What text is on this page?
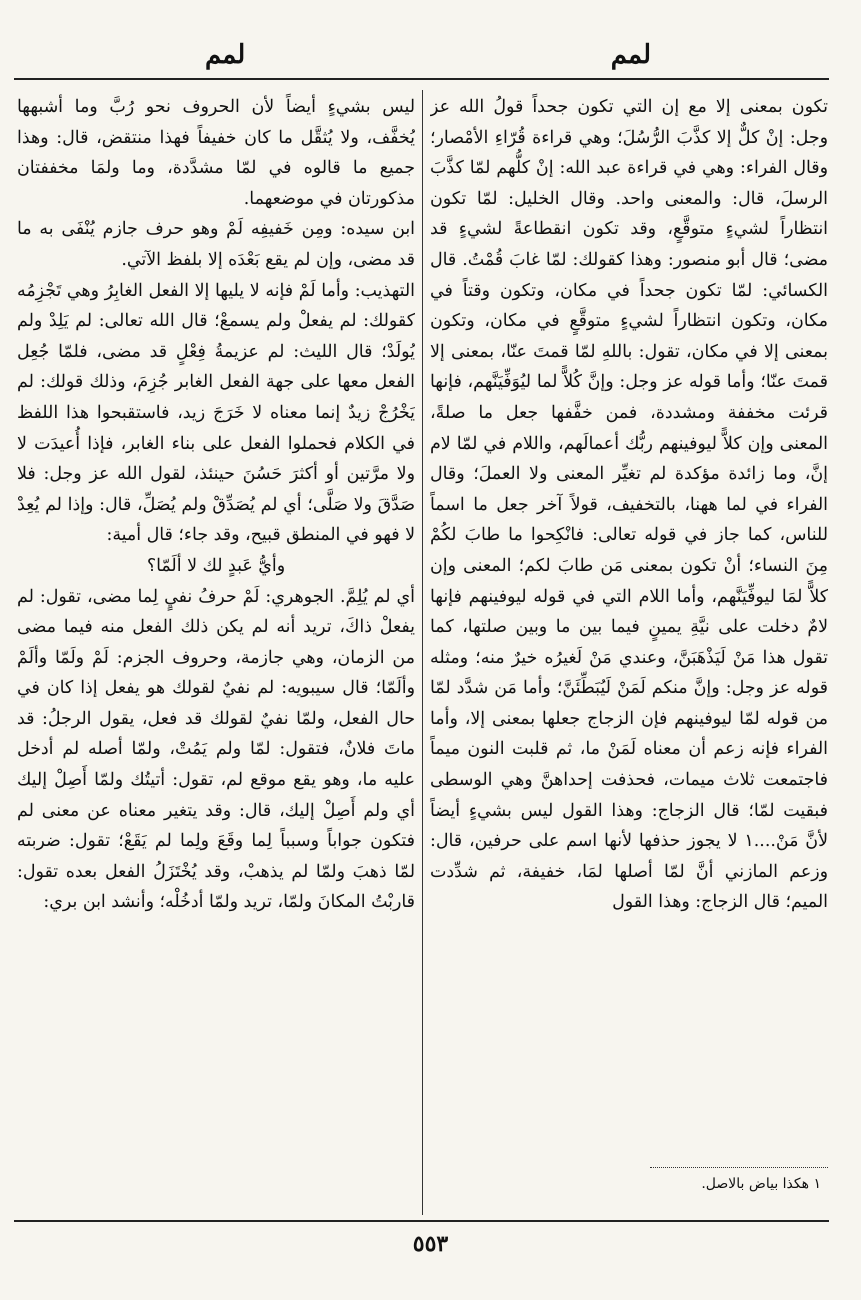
لمم
لمم

تكون بمعنى إلا مع إن التي تكون جحداً قولُ الله عز وجل: إنْ كلٌّ إلا كذَّبَ الرُّسُلَ؛ وهي قراءة قُرّاءِ الأمْصار؛ وقال الفراء: وهي في قراءة عبد الله: إنْ كلُّهم لمّا كذَّبَ الرسلَ، قال: والمعنى واحد. وقال الخليل: لمّا تكون انتظاراً لشيءٍ متوقَّعٍ، وقد تكون انقطاعةً لشيءٍ قد مضى؛ قال أبو منصور: وهذا كقولك: لمّا غابَ قُمْتُ. قال الكسائي: لمّا تكون جحداً في مكان، وتكون وقتاً في مكان، وتكون انتظاراً لشيءٍ متوقَّعٍ في مكان، وتكون بمعنى إلا في مكان، تقول: باللهِ لمّا قمتَ عنّا، بمعنى إلا قمتَ عنّا؛ وأما قوله عز وجل: وإنَّ كُلاًّ لما ليُوَفِّيَنَّهم، فإنها قرئت مخففة ومشددة، فمن خفَّفها جعل ما صلةً، المعنى وإن كلاًّ ليوفينهم ربُّك أعمالَهم، واللام في لمّا لام إنَّ، وما زائدة مؤكدة لم تغيِّر المعنى ولا العملَ؛ وقال الفراء في لما ههنا، بالتخفيف، قولاً آخر جعل ما اسماً للناس، كما جاز في قوله تعالى: فانْكِحوا ما طابَ لكُمْ مِنَ النساء؛ أنْ تكون بمعنى مَن طابَ لكم؛ المعنى وإن كلاًّ لمَا ليوفِّيَنَّهم، وأما اللام التي في قوله ليوفينهم فإنها لامٌ دخلت على نيَّةِ يمينٍ فيما بين ما وبين صلتها، كما تقول هذا مَنْ لَيَذْهَبَنَّ، وعندي مَنْ لَغيرُه خيرٌ منه؛ ومثله قوله عز وجل: وإنَّ منكم لَمَنْ لَيُبَطِّئَنَّ؛ وأما مَن شدَّد لمّا من قوله لمّا ليوفينهم فإن الزجاج جعلها بمعنى إلا، وأما الفراء فإنه زعم أن معناه لَمَنْ ما، ثم قلبت النون ميماً فاجتمعت ثلاث ميمات، فحذفت إحداهنَّ وهي الوسطى فبقيت لمّا؛ قال الزجاج: وهذا القول ليس بشيءٍ أيضاً لأنَّ مَنْ....١ لا يجوز حذفها لأنها اسم على حرفين، قال: وزعم المازني أنَّ لمّا أصلها لمَا، خفيفة، ثم شدِّدت الميم؛ قال الزجاج: وهذا القول

ليس بشيءٍ أيضاً لأن الحروف نحو رُبَّ وما أشبهها يُخفَّف، ولا يُثقَّل ما كان خفيفاً فهذا منتقض، قال: وهذا جميع ما قالوه في لمّا مشدَّدة، وما ولمَا مخففتان مذكورتان في موضعهما.

ابن سيده: ومِن خَفيفِه لَمْ وهو حرف جازم يُنْفَى به ما قد مضى، وإن لم يقع بَعْدَه إلا بلفظ الآتي.

التهذيب: وأما لَمْ فإنه لا يليها إلا الفعل الغابِرُ وهي تَجْزِمُه كقولك: لم يفعلْ ولم يسمعْ؛ قال الله تعالى: لم يَلِدْ ولم يُولَدْ؛ قال الليث: لم عزيمةُ فِعْلٍ قد مضى، فلمّا جُعِل الفعل معها على جهة الفعل الغابر جُزِمَ، وذلك قولك: لم يَخْرُجْ زيدٌ إنما معناه لا خَرَجَ زيد، فاستقبحوا هذا اللفظ في الكلام فحملوا الفعل على بناء الغابر، فإذا أُعيدَت لا ولا مرَّتين أو أكثرَ حَسُنَ حينئذ، لقول الله عز وجل: فلا صَدَّقَ ولا صَلَّى؛ أي لم يُصَدِّقْ ولم يُصَلِّ، قال: وإذا لم يُعِدْ لا فهو في المنطق قبيح، وقد جاء؛ قال أمية:

وأيُّ عَبدٍ لك لا ألَمّا؟

أي لم يُلِمَّ. الجوهري: لَمْ حرفُ نفيٍ لِما مضى، تقول: لم يفعلْ ذاكَ، تريد أنه لم يكن ذلك الفعل منه فيما مضى من الزمان، وهي جازمة، وحروف الجزم: لَمْ ولَمّا وألَمْ وألَمّا؛ قال سيبويه: لم نفيٌ لقولك هو يفعل إذا كان في حال الفعل، ولمّا نفيٌ لقولك قد فعل، يقول الرجلُ: قد ماتَ فلانٌ، فتقول: لمّا ولم يَمُتْ، ولمّا أصله لم أدخل عليه ما، وهو يقع موقع لم، تقول: أتيتُك ولمّا أَصِلْ إليك أي ولم أَصِلْ إليك، قال: وقد يتغير معناه عن معنى لم فتكون جواباً وسبباً لِما وقَعَ ولِما لم يَقَعْ؛ تقول: ضربته لمّا ذهبَ ولمّا لم يذهبْ، وقد يُخْتَزَلُ الفعل بعده تقول: قاربْتُ المكانَ ولمّا، تريد ولمّا أدخُلْه؛ وأنشد ابن بري:

١ هكذا بياض بالاصل.
٥٥٣
